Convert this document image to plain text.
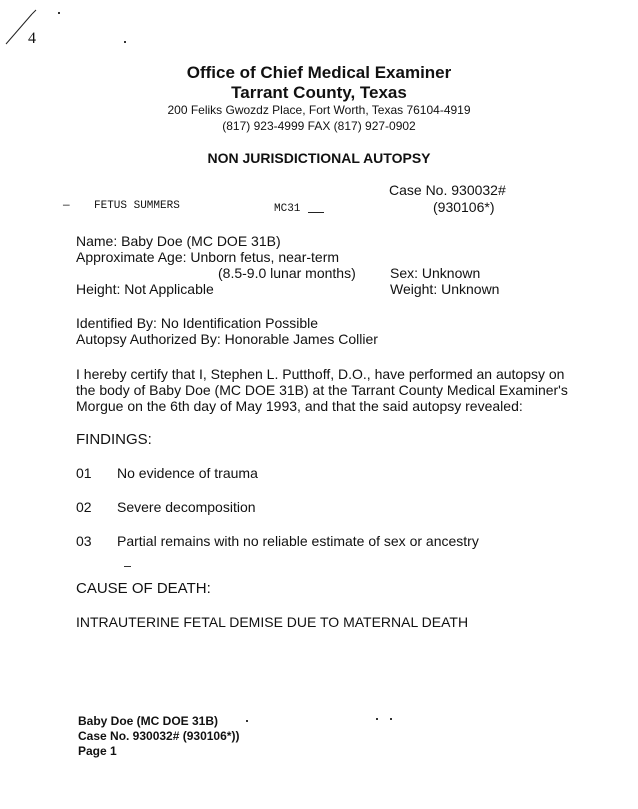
4
Office of Chief Medical Examiner
Tarrant County, Texas
200 Feliks Gwozdz Place, Fort Worth, Texas 76104-4919
(817) 923-4999 FAX (817) 927-0902
NON JURISDICTIONAL AUTOPSY
Case No. 930032#
(930106*)
— FETUS SUMMERS	MC31
Name: Baby Doe (MC DOE 31B)
Approximate Age: Unborn fetus, near-term
(8.5-9.0 lunar months) Sex: Unknown
Height: Not Applicable	Weight: Unknown
Identified By: No Identification Possible
Autopsy Authorized By: Honorable James Collier
I hereby certify that I, Stephen L. Putthoff, D.O., have performed an autopsy on
the body of Baby Doe (MC DOE 31B) at the Tarrant County Medical Examiner's
Morgue on the 6th day of May 1993, and that the said autopsy revealed:
FINDINGS:
01 No evidence of trauma
02 Severe decomposition
03 Partial remains with no reliable estimate of sex or ancestry
CAUSE OF DEATH:
INTRAUTERINE FETAL DEMISE DUE TO MATERNAL DEATH
Baby Doe (MC DOE 31B)
Case No. 930032# (930106*))
Page 1
